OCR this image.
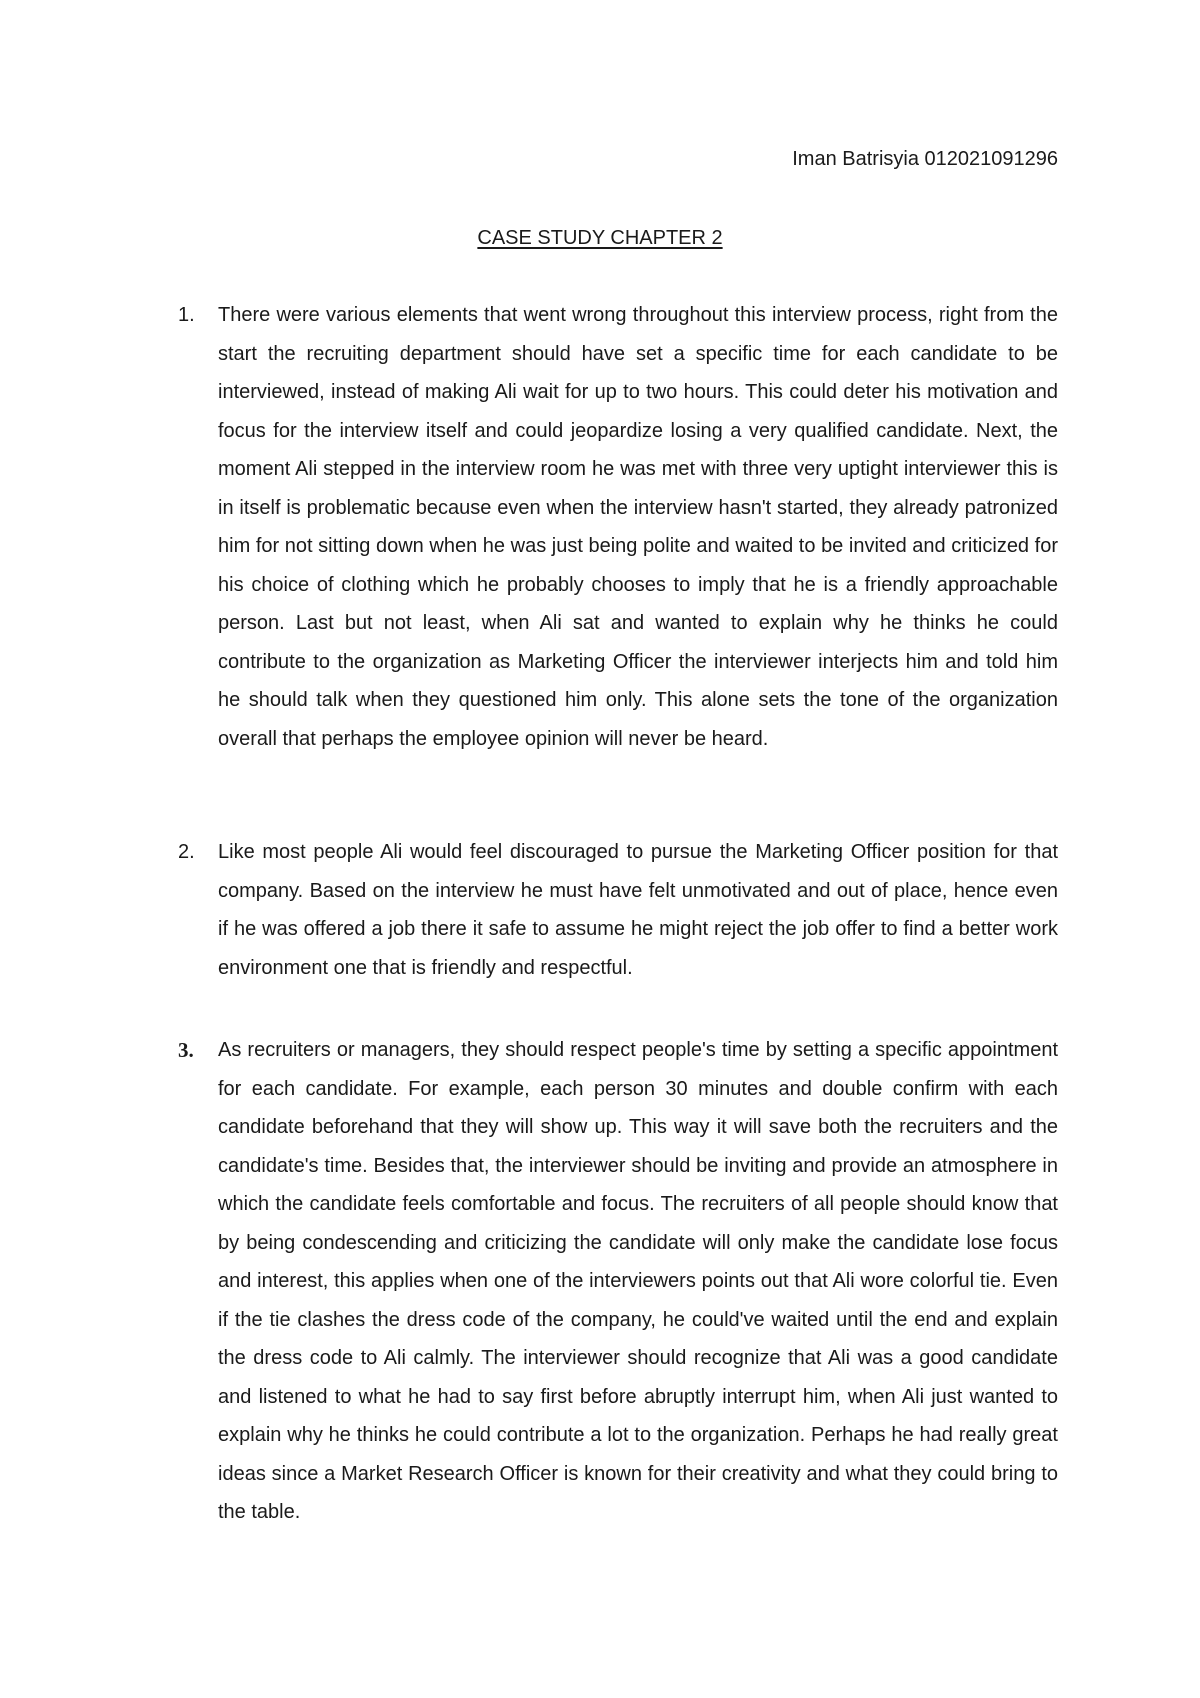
Iman Batrisyia 012021091296
CASE STUDY CHAPTER 2
1.	There were various elements that went wrong throughout this interview process, right from the start the recruiting department should have set a specific time for each candidate to be interviewed, instead of making Ali wait for up to two hours. This could deter his motivation and focus for the interview itself and could jeopardize losing a very qualified candidate. Next, the moment Ali stepped in the interview room he was met with three very uptight interviewer this is in itself is problematic because even when the interview hasn't started, they already patronized him for not sitting down when he was just being polite and waited to be invited and criticized for his choice of clothing which he probably chooses to imply that he is a friendly approachable person. Last but not least, when Ali sat and wanted to explain why he thinks he could contribute to the organization as Marketing Officer the interviewer interjects him and told him he should talk when they questioned him only. This alone sets the tone of the organization overall that perhaps the employee opinion will never be heard.

2.	Like most people Ali would feel discouraged to pursue the Marketing Officer position for that company. Based on the interview he must have felt unmotivated and out of place, hence even if he was offered a job there it safe to assume he might reject the job offer to find a better work environment one that is friendly and respectful.

3.	As recruiters or managers, they should respect people's time by setting a specific appointment for each candidate. For example, each person 30 minutes and double confirm with each candidate beforehand that they will show up. This way it will save both the recruiters and the candidate's time. Besides that, the interviewer should be inviting and provide an atmosphere in which the candidate feels comfortable and focus. The recruiters of all people should know that by being condescending and criticizing the candidate will only make the candidate lose focus and interest, this applies when one of the interviewers points out that Ali wore colorful tie. Even if the tie clashes the dress code of the company, he could've waited until the end and explain the dress code to Ali calmly. The interviewer should recognize that Ali was a good candidate and listened to what he had to say first before abruptly interrupt him, when Ali just wanted to explain why he thinks he could contribute a lot to the organization. Perhaps he had really great ideas since a Market Research Officer is known for their creativity and what they could bring to the table.
